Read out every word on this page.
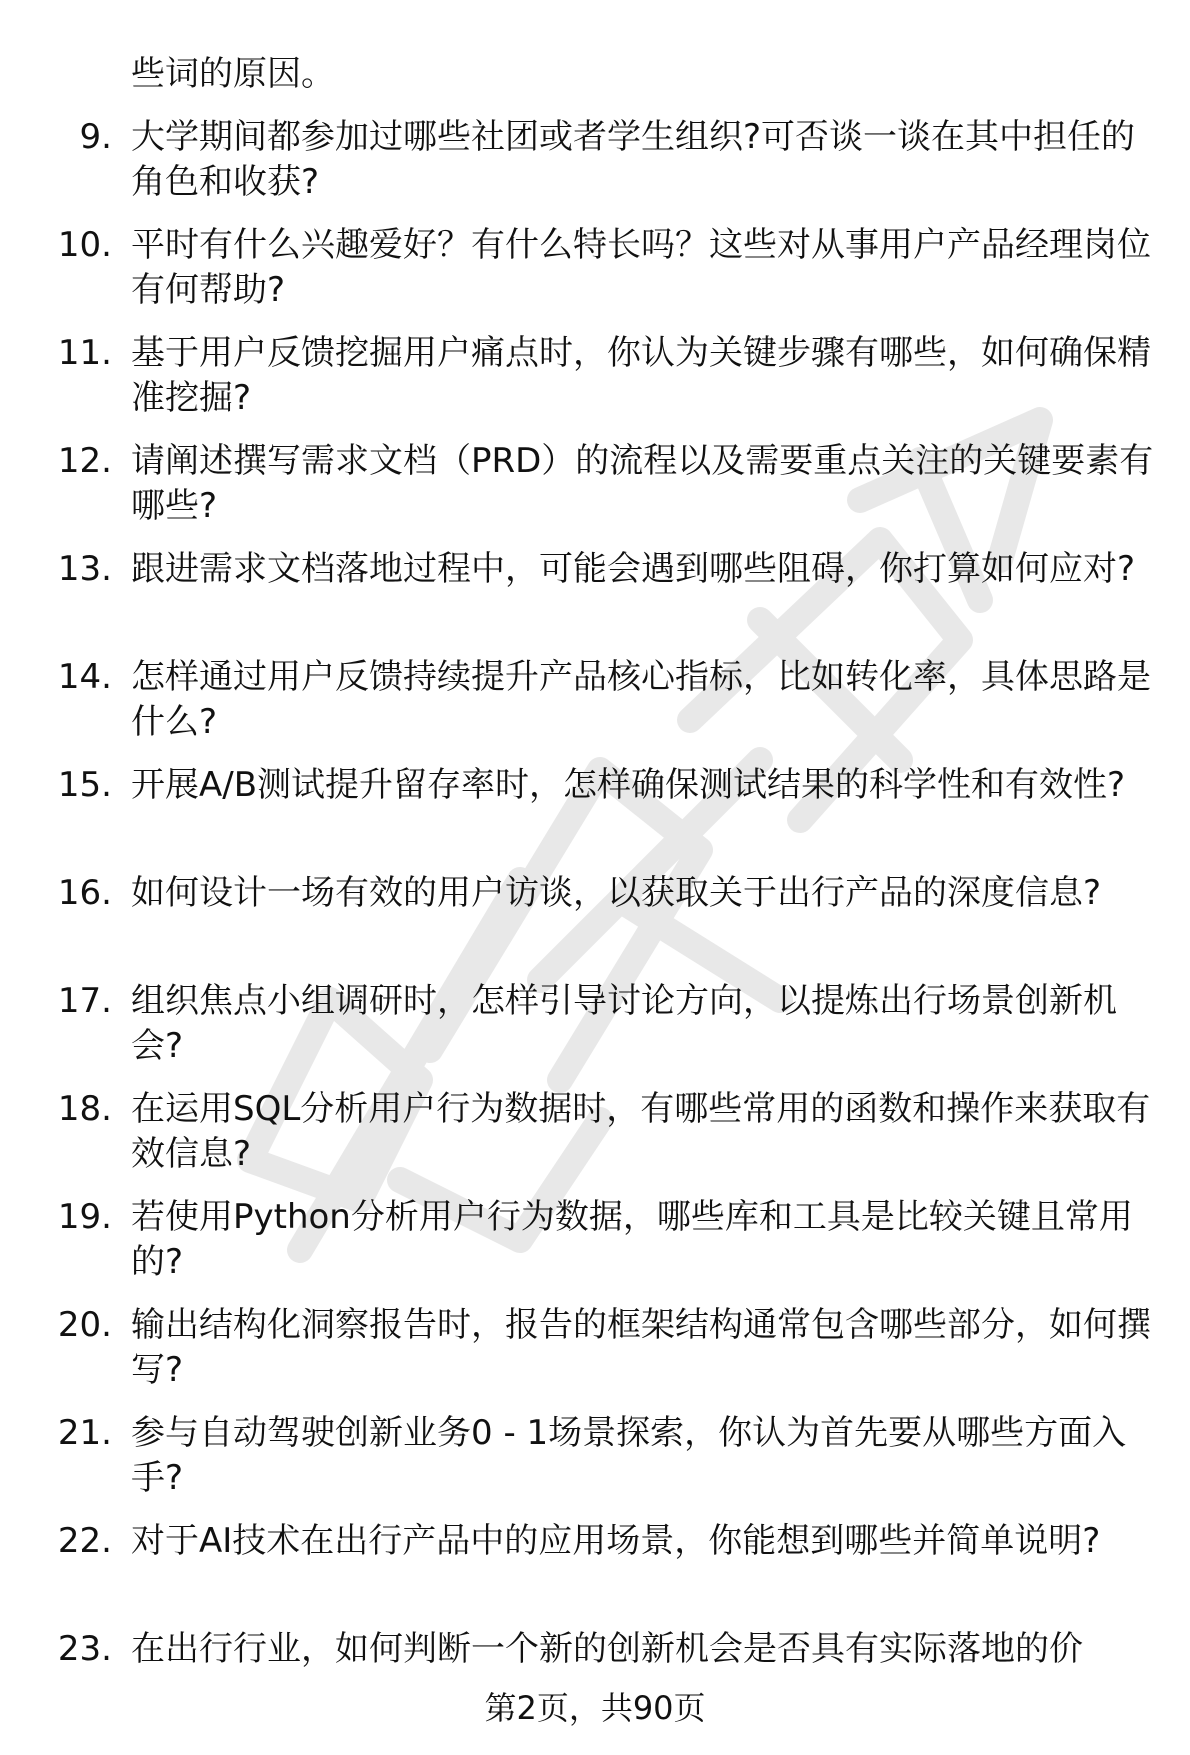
些词的原因。
9. 大学期间都参加过哪些社团或者学生组织?可否谈一谈在其中担任的角色和收获?
10. 平时有什么兴趣爱好？有什么特长吗？这些对从事用户产品经理岗位有何帮助?
11. 基于用户反馈挖掘用户痛点时，你认为关键步骤有哪些，如何确保精准挖掘?
12. 请阐述撰写需求文档（PRD）的流程以及需要重点关注的关键要素有哪些?
13. 跟进需求文档落地过程中，可能会遇到哪些阻碍，你打算如何应对?
14. 怎样通过用户反馈持续提升产品核心指标，比如转化率，具体思路是什么?
15. 开展A/B测试提升留存率时，怎样确保测试结果的科学性和有效性?
16. 如何设计一场有效的用户访谈，以获取关于出行产品的深度信息?
17. 组织焦点小组调研时，怎样引导讨论方向，以提炼出行场景创新机会?
18. 在运用SQL分析用户行为数据时，有哪些常用的函数和操作来获取有效信息?
19. 若使用Python分析用户行为数据，哪些库和工具是比较关键且常用的?
20. 输出结构化洞察报告时，报告的框架结构通常包含哪些部分，如何撰写?
21. 参与自动驾驶创新业务0 - 1场景探索，你认为首先要从哪些方面入手?
22. 对于AI技术在出行产品中的应用场景，你能想到哪些并简单说明?
23. 在出行行业，如何判断一个新的创新机会是否具有实际落地的价
第2页，共90页
